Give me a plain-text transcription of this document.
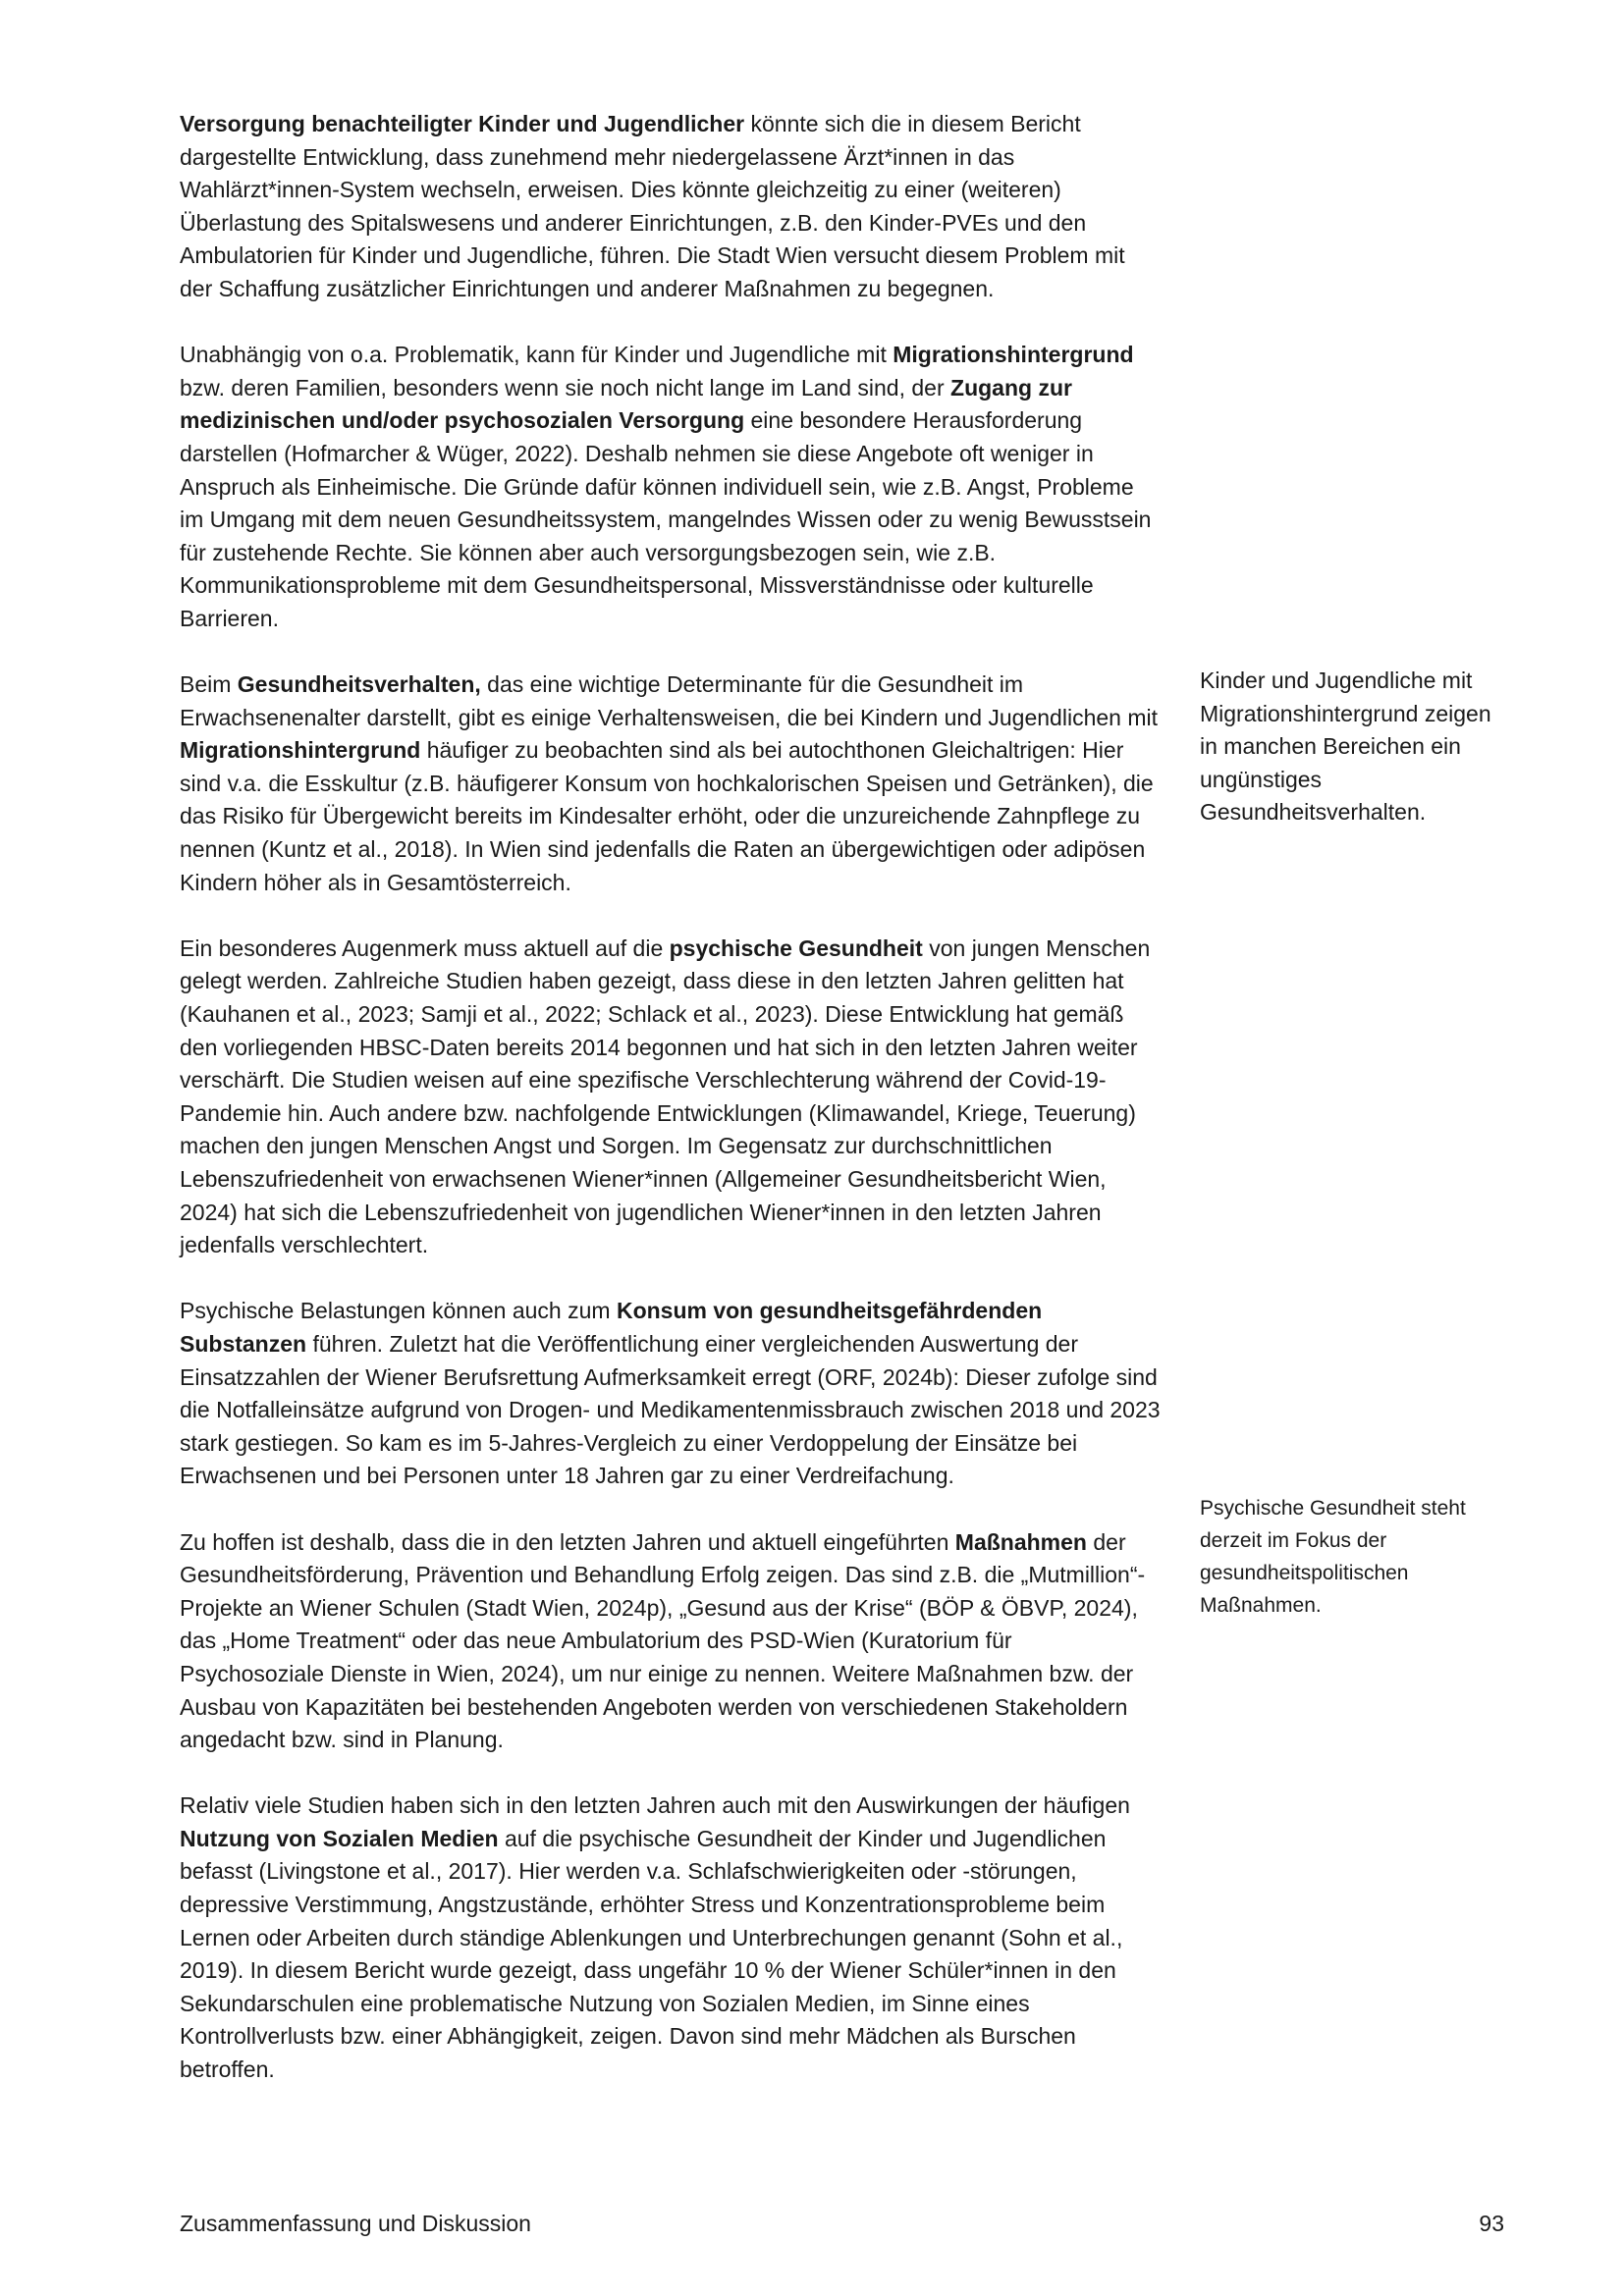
Versorgung benachteiligter Kinder und Jugendlicher könnte sich die in diesem Bericht dargestellte Entwicklung, dass zunehmend mehr niedergelassene Ärzt*innen in das Wahlärzt*innen-System wechseln, erweisen. Dies könnte gleichzeitig zu einer (weiteren) Überlastung des Spitalswesens und anderer Einrichtungen, z.B. den Kinder-PVEs und den Ambulatorien für Kinder und Jugendliche, führen. Die Stadt Wien versucht diesem Problem mit der Schaffung zusätzlicher Einrichtungen und anderer Maßnahmen zu begegnen.

Unabhängig von o.a. Problematik, kann für Kinder und Jugendliche mit Migrationshintergrund bzw. deren Familien, besonders wenn sie noch nicht lange im Land sind, der Zugang zur medizinischen und/oder psychosozialen Versorgung eine besondere Herausforderung darstellen (Hofmarcher & Wüger, 2022). Deshalb nehmen sie diese Angebote oft weniger in Anspruch als Einheimische. Die Gründe dafür können individuell sein, wie z.B. Angst, Probleme im Umgang mit dem neuen Gesundheitssystem, mangelndes Wissen oder zu wenig Bewusstsein für zustehende Rechte. Sie können aber auch versorgungsbezogen sein, wie z.B. Kommunikationsprobleme mit dem Gesundheitspersonal, Missverständnisse oder kulturelle Barrieren.

Beim Gesundheitsverhalten, das eine wichtige Determinante für die Gesundheit im Erwachsenenalter darstellt, gibt es einige Verhaltensweisen, die bei Kindern und Jugendlichen mit Migrationshintergrund häufiger zu beobachten sind als bei autochthonen Gleichaltrigen: Hier sind v.a. die Esskultur (z.B. häufigerer Konsum von hochkalorischen Speisen und Getränken), die das Risiko für Übergewicht bereits im Kindesalter erhöht, oder die unzureichende Zahnpflege zu nennen (Kuntz et al., 2018). In Wien sind jedenfalls die Raten an übergewichtigen oder adipösen Kindern höher als in Gesamtösterreich.

Ein besonderes Augenmerk muss aktuell auf die psychische Gesundheit von jungen Menschen gelegt werden. Zahlreiche Studien haben gezeigt, dass diese in den letzten Jahren gelitten hat (Kauhanen et al., 2023; Samji et al., 2022; Schlack et al., 2023). Diese Entwicklung hat gemäß den vorliegenden HBSC-Daten bereits 2014 begonnen und hat sich in den letzten Jahren weiter verschärft. Die Studien weisen auf eine spezifische Verschlechterung während der Covid-19-Pandemie hin. Auch andere bzw. nachfolgende Entwicklungen (Klimawandel, Kriege, Teuerung) machen den jungen Menschen Angst und Sorgen. Im Gegensatz zur durchschnittlichen Lebenszufriedenheit von erwachsenen Wiener*innen (Allgemeiner Gesundheitsbericht Wien, 2024) hat sich die Lebenszufriedenheit von jugendlichen Wiener*innen in den letzten Jahren jedenfalls verschlechtert.

Psychische Belastungen können auch zum Konsum von gesundheitsgefährdenden Substanzen führen. Zuletzt hat die Veröffentlichung einer vergleichenden Auswertung der Einsatzzahlen der Wiener Berufsrettung Aufmerksamkeit erregt (ORF, 2024b): Dieser zufolge sind die Notfalleinsätze aufgrund von Drogen- und Medikamentenmissbrauch zwischen 2018 und 2023 stark gestiegen. So kam es im 5-Jahres-Vergleich zu einer Verdoppelung der Einsätze bei Erwachsenen und bei Personen unter 18 Jahren gar zu einer Verdreifachung.

Zu hoffen ist deshalb, dass die in den letzten Jahren und aktuell eingeführten Maßnahmen der Gesundheitsförderung, Prävention und Behandlung Erfolg zeigen. Das sind z.B. die „Mutmillion“-Projekte an Wiener Schulen (Stadt Wien, 2024p), „Gesund aus der Krise“ (BÖP & ÖBVP, 2024), das „Home Treatment“ oder das neue Ambulatorium des PSD-Wien (Kuratorium für Psychosoziale Dienste in Wien, 2024), um nur einige zu nennen. Weitere Maßnahmen bzw. der Ausbau von Kapazitäten bei bestehenden Angeboten werden von verschiedenen Stakeholdern angedacht bzw. sind in Planung.

Relativ viele Studien haben sich in den letzten Jahren auch mit den Auswirkungen der häufigen Nutzung von Sozialen Medien auf die psychische Gesundheit der Kinder und Jugendlichen befasst (Livingstone et al., 2017). Hier werden v.a. Schlafschwierigkeiten oder -störungen, depressive Verstimmung, Angstzustände, erhöhter Stress und Konzentrationsprobleme beim Lernen oder Arbeiten durch ständige Ablenkungen und Unterbrechungen genannt (Sohn et al., 2019). In diesem Bericht wurde gezeigt, dass ungefähr 10 % der Wiener Schüler*innen in den Sekundarschulen eine problematische Nutzung von Sozialen Medien, im Sinne eines Kontrollverlusts bzw. einer Abhängigkeit, zeigen. Davon sind mehr Mädchen als Burschen betroffen.

Kinder und Jugendliche mit Migrationshintergrund zeigen in manchen Bereichen ein ungünstiges Gesundheitsverhalten.
Psychische Gesundheit steht derzeit im Fokus der gesundheitspolitischen Maßnahmen.
Zusammenfassung und Diskussion	93
